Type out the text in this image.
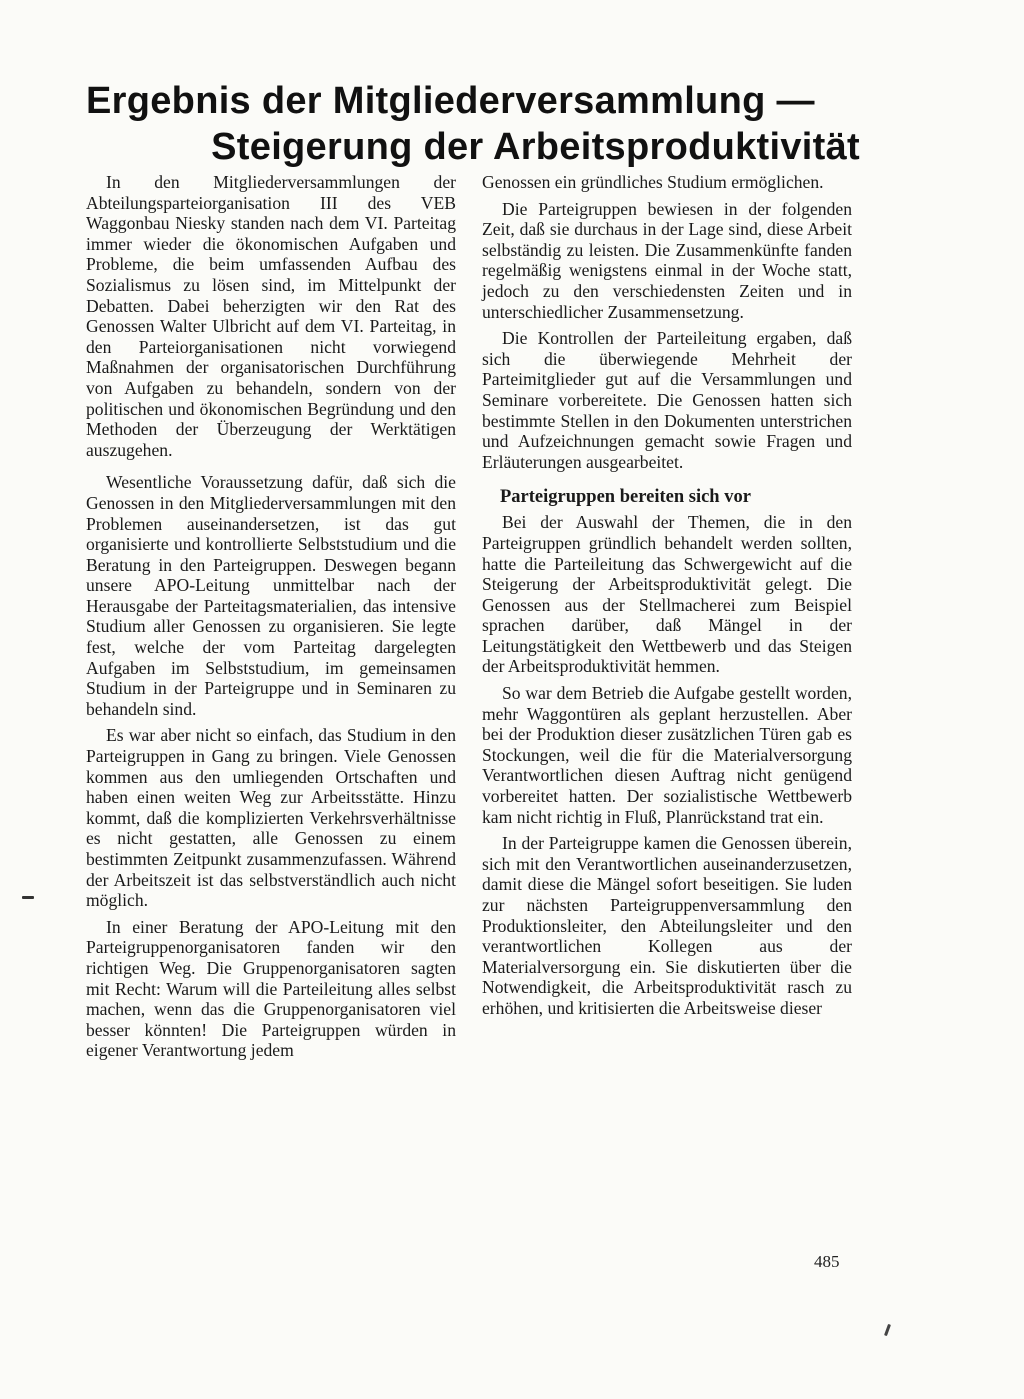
Ergebnis der Mitgliederversammlung —
Steigerung der Arbeitsproduktivität

In den Mitgliederversammlungen der Abteilungsparteiorganisation III des VEB Waggonbau Niesky standen nach dem VI. Parteitag immer wieder die ökonomischen Aufgaben und Probleme, die beim umfassenden Aufbau des Sozialismus zu lösen sind, im Mittelpunkt der Debatten. Dabei beherzigten wir den Rat des Genossen Walter Ulbricht auf dem VI. Parteitag, in den Parteiorganisationen nicht vorwiegend Maßnahmen der organisatorischen Durchführung von Aufgaben zu behandeln, sondern von der politischen und ökonomischen Begründung und den Methoden der Überzeugung der Werktätigen auszugehen.

Wesentliche Voraussetzung dafür, daß sich die Genossen in den Mitgliederversammlungen mit den Problemen auseinandersetzen, ist das gut organisierte und kontrollierte Selbststudium und die Beratung in den Parteigruppen. Deswegen begann unsere APO-Leitung unmittelbar nach der Herausgabe der Parteitagsmaterialien, das intensive Studium aller Genossen zu organisieren. Sie legte fest, welche der vom Parteitag dargelegten Aufgaben im Selbststudium, im gemeinsamen Studium in der Parteigruppe und in Seminaren zu behandeln sind.

Es war aber nicht so einfach, das Studium in den Parteigruppen in Gang zu bringen. Viele Genossen kommen aus den umliegenden Ortschaften und haben einen weiten Weg zur Arbeitsstätte. Hinzu kommt, daß die komplizierten Verkehrsverhältnisse es nicht gestatten, alle Genossen zu einem bestimmten Zeitpunkt zusammenzufassen. Während der Arbeitszeit ist das selbstverständlich auch nicht möglich.

In einer Beratung der APO-Leitung mit den Parteigruppenorganisatoren fanden wir den richtigen Weg. Die Gruppenorganisatoren sagten mit Recht: Warum will die Parteileitung alles selbst machen, wenn das die Gruppenorganisatoren viel besser könnten! Die Parteigruppen würden in eigener Verantwortung jedem

Genossen ein gründliches Studium ermöglichen.

Die Parteigruppen bewiesen in der folgenden Zeit, daß sie durchaus in der Lage sind, diese Arbeit selbständig zu leisten. Die Zusammenkünfte fanden regelmäßig wenigstens einmal in der Woche statt, jedoch zu den verschiedensten Zeiten und in unterschiedlicher Zusammensetzung.

Die Kontrollen der Parteileitung ergaben, daß sich die überwiegende Mehrheit der Parteimitglieder gut auf die Versammlungen und Seminare vorbereitete. Die Genossen hatten sich bestimmte Stellen in den Dokumenten unterstrichen und Aufzeichnungen gemacht sowie Fragen und Erläuterungen ausgearbeitet.

Parteigruppen bereiten sich vor

Bei der Auswahl der Themen, die in den Parteigruppen gründlich behandelt werden sollten, hatte die Parteileitung das Schwergewicht auf die Steigerung der Arbeitsproduktivität gelegt. Die Genossen aus der Stellmacherei zum Beispiel sprachen darüber, daß Mängel in der Leitungstätigkeit den Wettbewerb und das Steigen der Arbeitsproduktivität hemmen.

So war dem Betrieb die Aufgabe gestellt worden, mehr Waggontüren als geplant herzustellen. Aber bei der Produktion dieser zusätzlichen Türen gab es Stockungen, weil die für die Materialversorgung Verantwortlichen diesen Auftrag nicht genügend vorbereitet hatten. Der sozialistische Wettbewerb kam nicht richtig in Fluß, Planrückstand trat ein.

In der Parteigruppe kamen die Genossen überein, sich mit den Verantwortlichen auseinanderzusetzen, damit diese die Mängel sofort beseitigen. Sie luden zur nächsten Parteigruppenversammlung den Produktionsleiter, den Abteilungsleiter und den verantwortlichen Kollegen aus der Materialversorgung ein. Sie diskutierten über die Notwendigkeit, die Arbeitsproduktivität rasch zu erhöhen, und kritisierten die Arbeitsweise dieser

485
